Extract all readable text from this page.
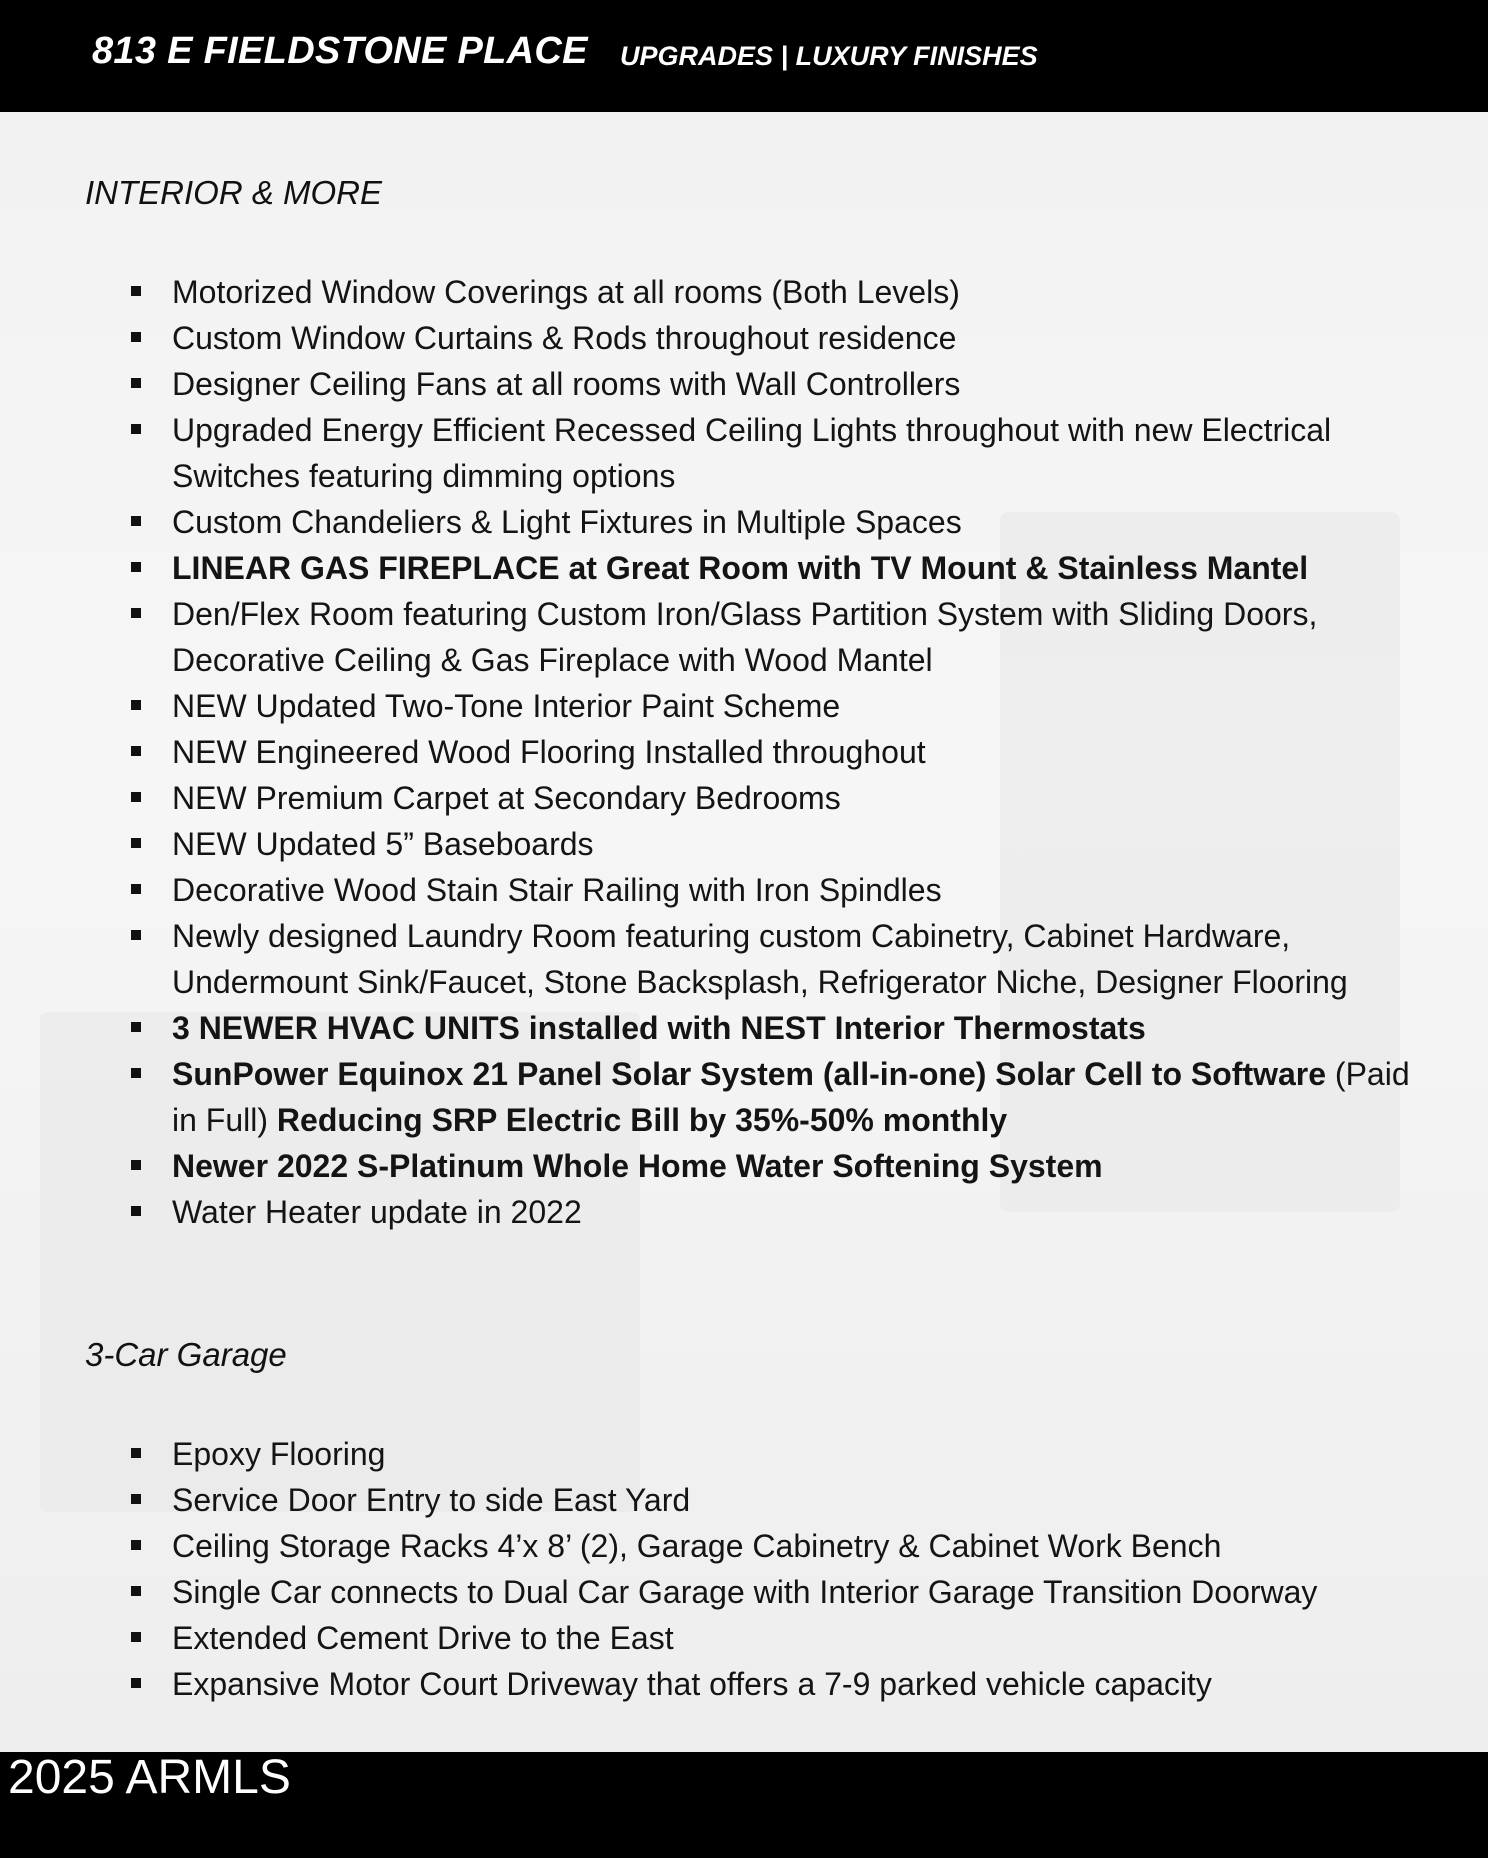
813 E FIELDSTONE PLACE UPGRADES | LUXURY FINISHES
INTERIOR & MORE
Motorized Window Coverings at all rooms (Both Levels)
Custom Window Curtains & Rods throughout residence
Designer Ceiling Fans at all rooms with Wall Controllers
Upgraded Energy Efficient Recessed Ceiling Lights throughout with new Electrical Switches featuring dimming options
Custom Chandeliers & Light Fixtures in Multiple Spaces
LINEAR GAS FIREPLACE at Great Room with TV Mount & Stainless Mantel
Den/Flex Room featuring Custom Iron/Glass Partition System with Sliding Doors, Decorative Ceiling & Gas Fireplace with Wood Mantel
NEW Updated Two-Tone Interior Paint Scheme
NEW Engineered Wood Flooring Installed throughout
NEW Premium Carpet at Secondary Bedrooms
NEW Updated 5” Baseboards
Decorative Wood Stain Stair Railing with Iron Spindles
Newly designed Laundry Room featuring custom Cabinetry, Cabinet Hardware, Undermount Sink/Faucet, Stone Backsplash, Refrigerator Niche, Designer Flooring
3 NEWER HVAC UNITS installed with NEST Interior Thermostats
SunPower Equinox 21 Panel Solar System (all-in-one) Solar Cell to Software (Paid in Full) Reducing SRP Electric Bill by 35%-50% monthly
Newer 2022 S-Platinum Whole Home Water Softening System
Water Heater update in 2022
3-Car Garage
Epoxy Flooring
Service Door Entry to side East Yard
Ceiling Storage Racks 4’x 8’ (2), Garage Cabinetry & Cabinet Work Bench
Single Car connects to Dual Car Garage with Interior Garage Transition Doorway
Extended Cement Drive to the East
Expansive Motor Court Driveway that offers a 7-9 parked vehicle capacity
2025 ARMLS
